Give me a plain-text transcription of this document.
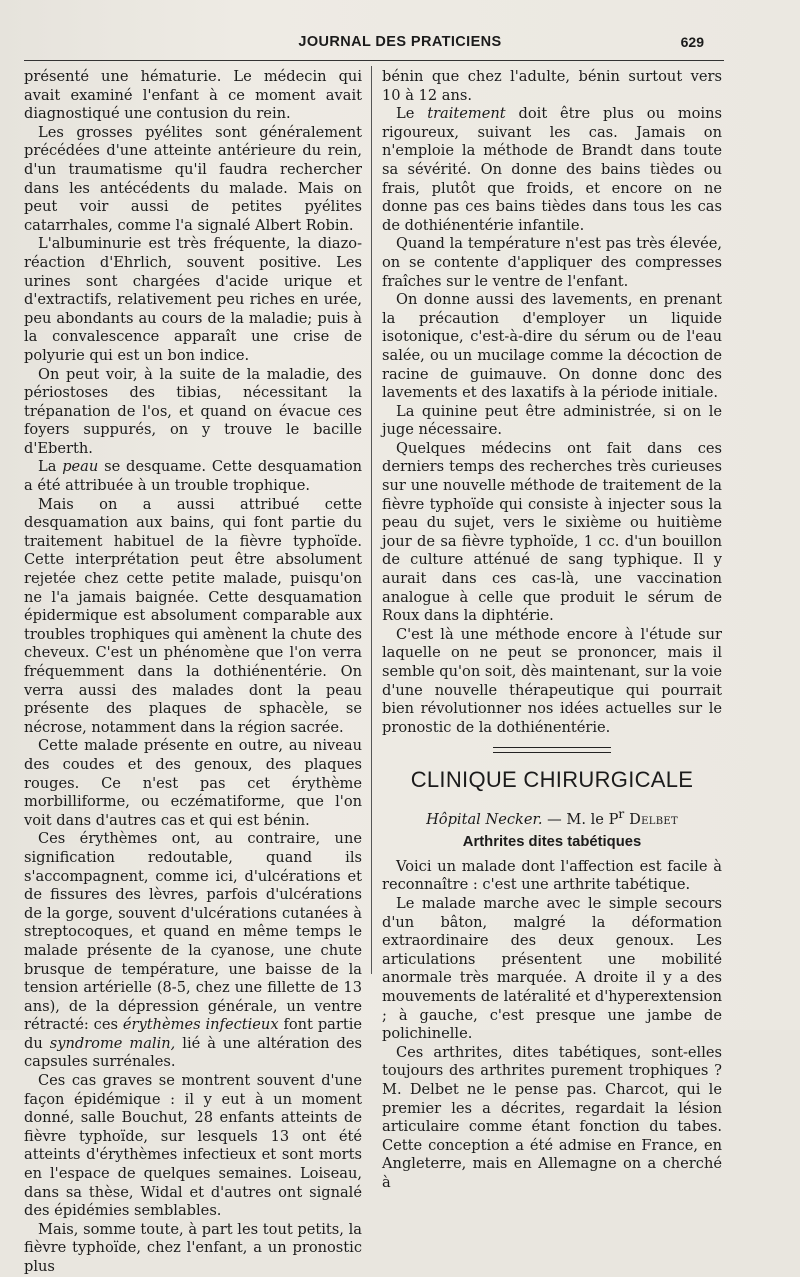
JOURNAL DES PRATICIENS	629

présenté une hématurie. Le médecin qui avait examiné l'enfant à ce moment avait diagnostiqué une contusion du rein.

Les grosses pyélites sont généralement précédées d'une atteinte antérieure du rein, d'un traumatisme qu'il faudra rechercher dans les antécédents du malade. Mais on peut voir aussi de petites pyélites catarrhales, comme l'a signalé Albert Robin.

L'albuminurie est très fréquente, la diazo-réaction d'Ehrlich, souvent positive. Les urines sont chargées d'acide urique et d'extractifs, relativement peu riches en urée, peu abondants au cours de la maladie; puis à la convalescence apparaît une crise de polyurie qui est un bon indice.

On peut voir, à la suite de la maladie, des périostoses des tibias, nécessitant la trépanation de l'os, et quand on évacue ces foyers suppurés, on y trouve le bacille d'Eberth.

La peau se desquame. Cette desquamation a été attribuée à un trouble trophique.

Mais on a aussi attribué cette desquamation aux bains, qui font partie du traitement habituel de la fièvre typhoïde. Cette interprétation peut être absolument rejetée chez cette petite malade, puisqu'on ne l'a jamais baignée. Cette desquamation épidermique est absolument comparable aux troubles trophiques qui amènent la chute des cheveux. C'est un phénomène que l'on verra fréquemment dans la dothiénentérie. On verra aussi des malades dont la peau présente des plaques de sphacèle, se nécrose, notamment dans la région sacrée.

Cette malade présente en outre, au niveau des coudes et des genoux, des plaques rouges. Ce n'est pas cet érythème morbilliforme, ou eczématiforme, que l'on voit dans d'autres cas et qui est bénin.

Ces érythèmes ont, au contraire, une signification redoutable, quand ils s'accompagnent, comme ici, d'ulcérations et de fissures des lèvres, parfois d'ulcérations de la gorge, souvent d'ulcérations cutanées à streptocoques, et quand en même temps le malade présente de la cyanose, une chute brusque de température, une baisse de la tension artérielle (8-5, chez une fillette de 13 ans), de la dépression générale, un ventre rétracté: ces érythèmes infectieux font partie du syndrome malin, lié à une altération des capsules surrénales.

Ces cas graves se montrent souvent d'une façon épidémique : il y eut à un moment donné, salle Bouchut, 28 enfants atteints de fièvre typhoïde, sur lesquels 13 ont été atteints d'érythèmes infectieux et sont morts en l'espace de quelques semaines. Loiseau, dans sa thèse, Widal et d'autres ont signalé des épidémies semblables.

Mais, somme toute, à part les tout petits, la fièvre typhoïde, chez l'enfant, a un pronostic plus

bénin que chez l'adulte, bénin surtout vers 10 à 12 ans.

Le traitement doit être plus ou moins rigoureux, suivant les cas. Jamais on n'emploie la méthode de Brandt dans toute sa sévérité. On donne des bains tièdes ou frais, plutôt que froids, et encore on ne donne pas ces bains tièdes dans tous les cas de dothiénentérie infantile.

Quand la température n'est pas très élevée, on se contente d'appliquer des compresses fraîches sur le ventre de l'enfant.

On donne aussi des lavements, en prenant la précaution d'employer un liquide isotonique, c'est-à-dire du sérum ou de l'eau salée, ou un mucilage comme la décoction de racine de guimauve. On donne donc des lavements et des laxatifs à la période initiale.

La quinine peut être administrée, si on le juge nécessaire.

Quelques médecins ont fait dans ces derniers temps des recherches très curieuses sur une nouvelle méthode de traitement de la fièvre typhoïde qui consiste à injecter sous la peau du sujet, vers le sixième ou huitième jour de sa fièvre typhoïde, 1 cc. d'un bouillon de culture atténué de sang typhique. Il y aurait dans ces cas-là, une vaccination analogue à celle que produit le sérum de Roux dans la diphtérie.

C'est là une méthode encore à l'étude sur laquelle on ne peut se prononcer, mais il semble qu'on soit, dès maintenant, sur la voie d'une nouvelle thérapeutique qui pourrait bien révolutionner nos idées actuelles sur le pronostic de la dothiénentérie.

CLINIQUE CHIRURGICALE
Hôpital Necker. — M. le $P^r$ Delbet
Arthrites dites tabétiques

Voici un malade dont l'affection est facile à reconnaître : c'est une arthrite tabétique.

Le malade marche avec le simple secours d'un bâton, malgré la déformation extraordinaire des deux genoux. Les articulations présentent une mobilité anormale très marquée. A droite il y a des mouvements de latéralité et d'hyperextension ; à gauche, c'est presque une jambe de polichinelle.

Ces arthrites, dites tabétiques, sont-elles toujours des arthrites purement trophiques ? M. Delbet ne le pense pas. Charcot, qui le premier les a décrites, regardait la lésion articulaire comme étant fonction du tabes. Cette conception a été admise en France, en Angleterre, mais en Allemagne on a cherché à
